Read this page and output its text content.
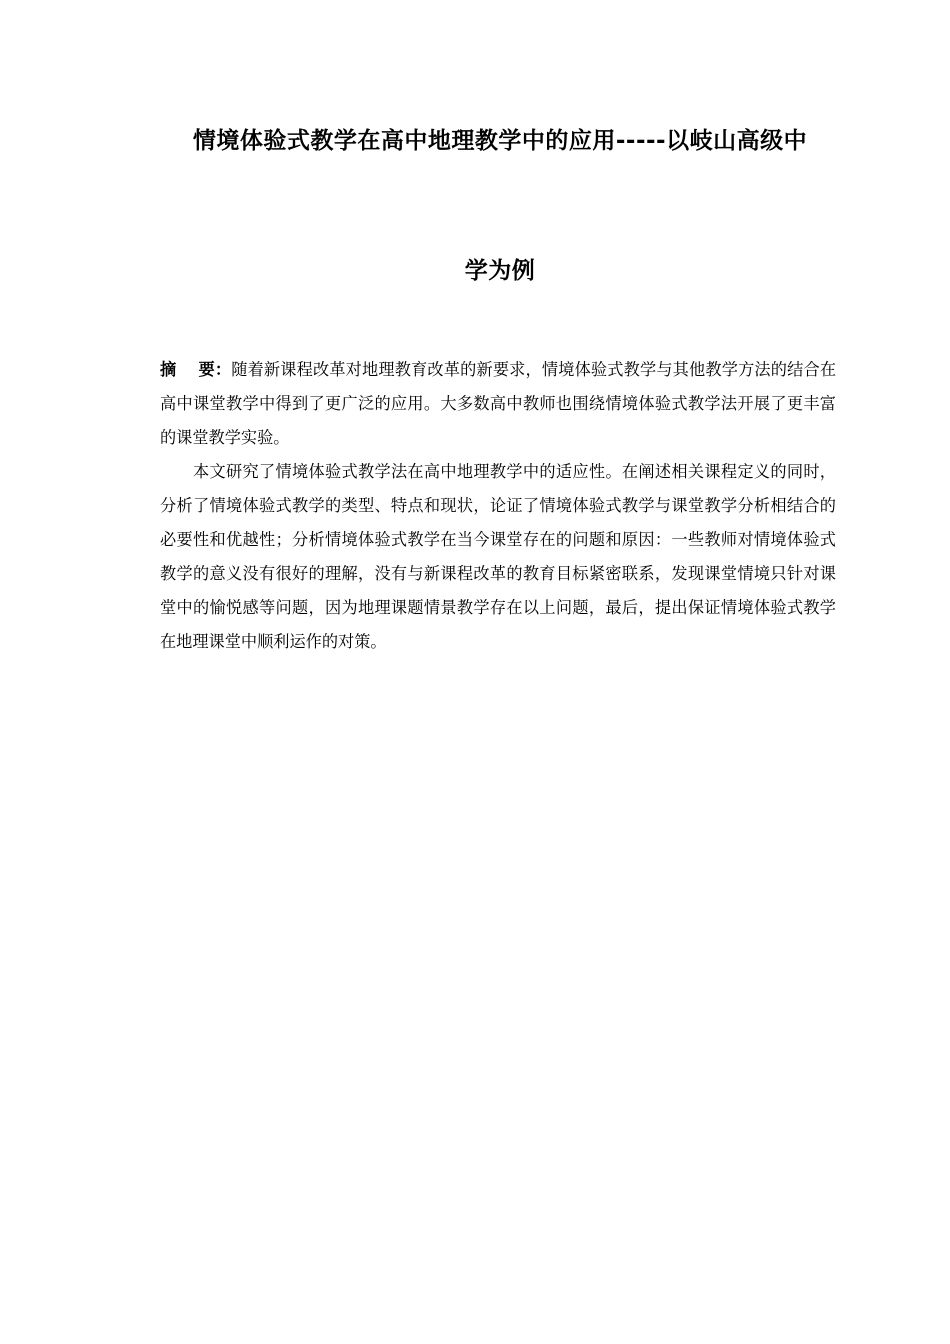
情境体验式教学在高中地理教学中的应用-----以岐山高级中
学为例

摘 要：随着新课程改革对地理教育改革的新要求，情境体验式教学与其他教学方法的结合在高中课堂教学中得到了更广泛的应用。大多数高中教师也围绕情境体验式教学法开展了更丰富的课堂教学实验。

本文研究了情境体验式教学法在高中地理教学中的适应性。在阐述相关课程定义的同时，分析了情境体验式教学的类型、特点和现状，论证了情境体验式教学与课堂教学分析相结合的必要性和优越性；分析情境体验式教学在当今课堂存在的问题和原因：一些教师对情境体验式教学的意义没有很好的理解，没有与新课程改革的教育目标紧密联系，发现课堂情境只针对课堂中的愉悦感等问题，因为地理课题情景教学存在以上问题，最后，提出保证情境体验式教学在地理课堂中顺利运作的对策。
